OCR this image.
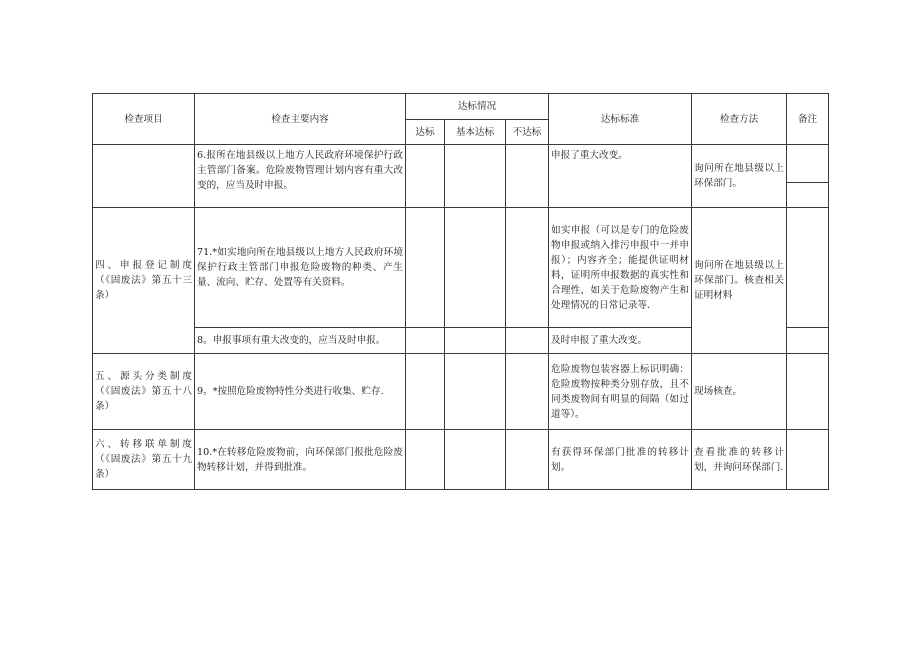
检查项目	检查主要内容	达标情况			达标标准	检查方法	备注
		达标	基本达标	不达标			
	6.报所在地县级以上地方人民政府环境保护行政主管部门备案。危险废物管理计划内容有重大改变的，应当及时申报。				申报了重大改变。	询问所在地县级以上环保部门。	

四、申报登记制度（《固废法》第五十三条）	71.*如实地向所在地县级以上地方人民政府环境保护行政主管部门申报危险废物的种类、产生量、流向、贮存、处置等有关资料。				如实申报（可以是专门的危险废物申报或纳入排污申报中一并申报）；内容齐全；能提供证明材料，证明所申报数据的真实性和合理性，如关于危险废物产生和处理情况的日常记录等.	询问所在地县级以上环保部门。核查相关证明材料	
	8。申报事项有重大改变的，应当及时申报。				及时申报了重大改变。		
五、源头分类制度（《固废法》第五十八条）	9。*按照危险废物特性分类进行收集、贮存.				危险废物包装容器上标识明确：危险废物按种类分别存放，且不同类废物间有明显的间隔（如过道等）。	现场核查。	
六、转移联单制度（《固废法》第五十九条）	10.*在转移危险废物前，向环保部门报批危险废物转移计划，并得到批准。				有获得环保部门批准的转移计划。	查看批准的转移计划，并询问环保部门.	
